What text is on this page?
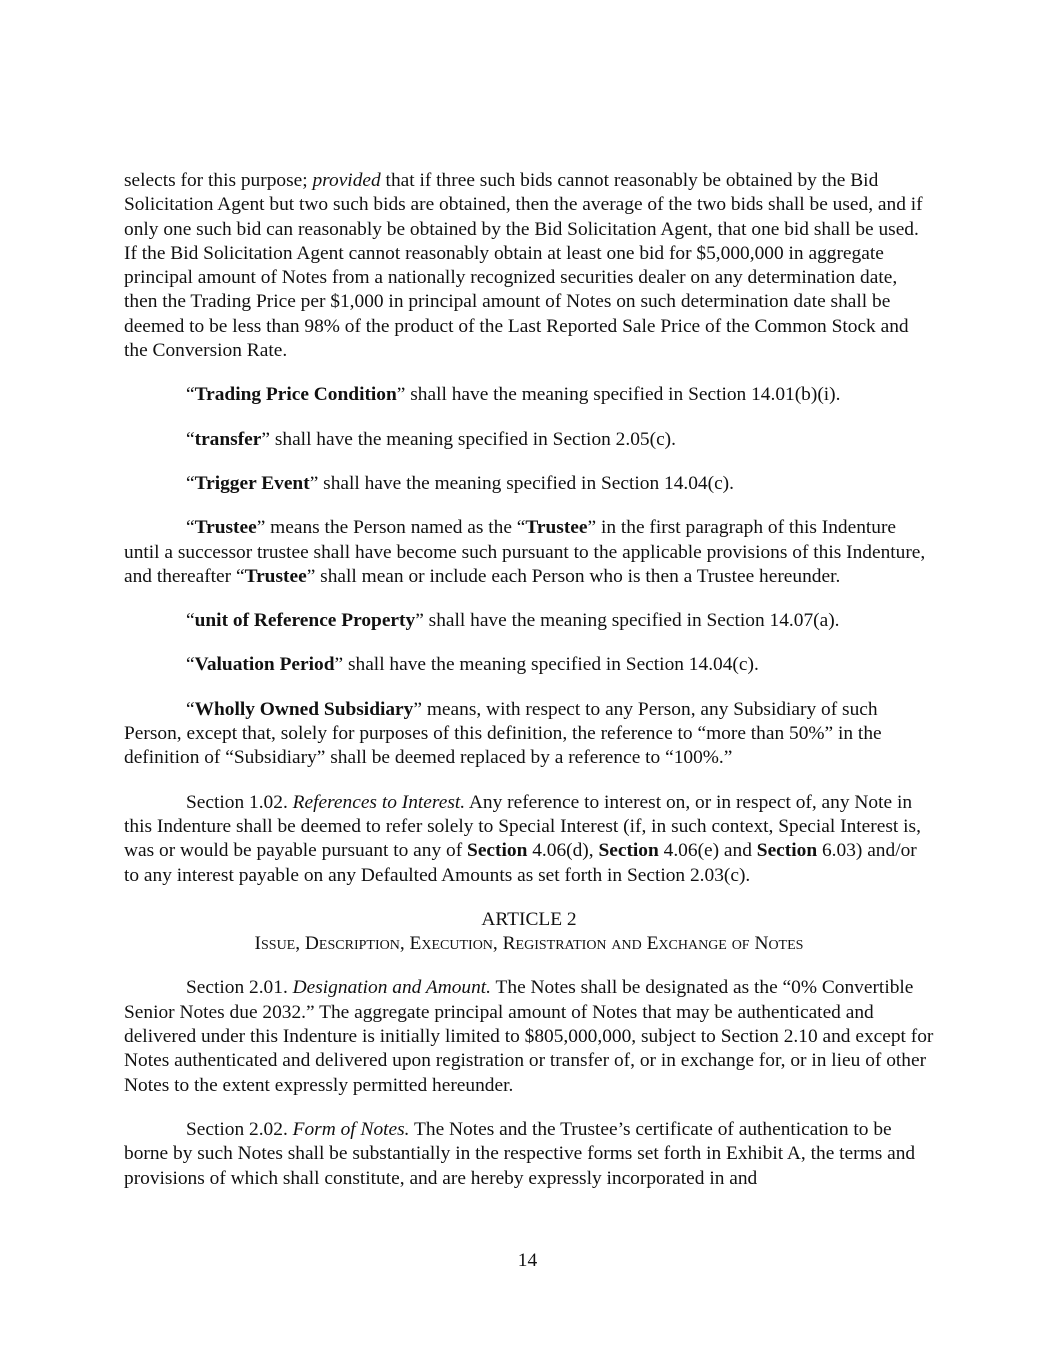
selects for this purpose; provided that if three such bids cannot reasonably be obtained by the Bid Solicitation Agent but two such bids are obtained, then the average of the two bids shall be used, and if only one such bid can reasonably be obtained by the Bid Solicitation Agent, that one bid shall be used. If the Bid Solicitation Agent cannot reasonably obtain at least one bid for $5,000,000 in aggregate principal amount of Notes from a nationally recognized securities dealer on any determination date, then the Trading Price per $1,000 in principal amount of Notes on such determination date shall be deemed to be less than 98% of the product of the Last Reported Sale Price of the Common Stock and the Conversion Rate.

“Trading Price Condition” shall have the meaning specified in Section 14.01(b)(i).

“transfer” shall have the meaning specified in Section 2.05(c).

“Trigger Event” shall have the meaning specified in Section 14.04(c).

“Trustee” means the Person named as the “Trustee” in the first paragraph of this Indenture until a successor trustee shall have become such pursuant to the applicable provisions of this Indenture, and thereafter “Trustee” shall mean or include each Person who is then a Trustee hereunder.

“unit of Reference Property” shall have the meaning specified in Section 14.07(a).

“Valuation Period” shall have the meaning specified in Section 14.04(c).

“Wholly Owned Subsidiary” means, with respect to any Person, any Subsidiary of such Person, except that, solely for purposes of this definition, the reference to “more than 50%” in the definition of “Subsidiary” shall be deemed replaced by a reference to “100%.”

Section 1.02. References to Interest. Any reference to interest on, or in respect of, any Note in this Indenture shall be deemed to refer solely to Special Interest (if, in such context, Special Interest is, was or would be payable pursuant to any of Section 4.06(d), Section 4.06(e) and Section 6.03) and/or to any interest payable on any Defaulted Amounts as set forth in Section 2.03(c).

ARTICLE 2

Issue, Description, Execution, Registration and Exchange of Notes

Section 2.01. Designation and Amount. The Notes shall be designated as the “0% Convertible Senior Notes due 2032.” The aggregate principal amount of Notes that may be authenticated and delivered under this Indenture is initially limited to $805,000,000, subject to Section 2.10 and except for Notes authenticated and delivered upon registration or transfer of, or in exchange for, or in lieu of other Notes to the extent expressly permitted hereunder.

Section 2.02. Form of Notes. The Notes and the Trustee’s certificate of authentication to be borne by such Notes shall be substantially in the respective forms set forth in Exhibit A, the terms and provisions of which shall constitute, and are hereby expressly incorporated in and

14
